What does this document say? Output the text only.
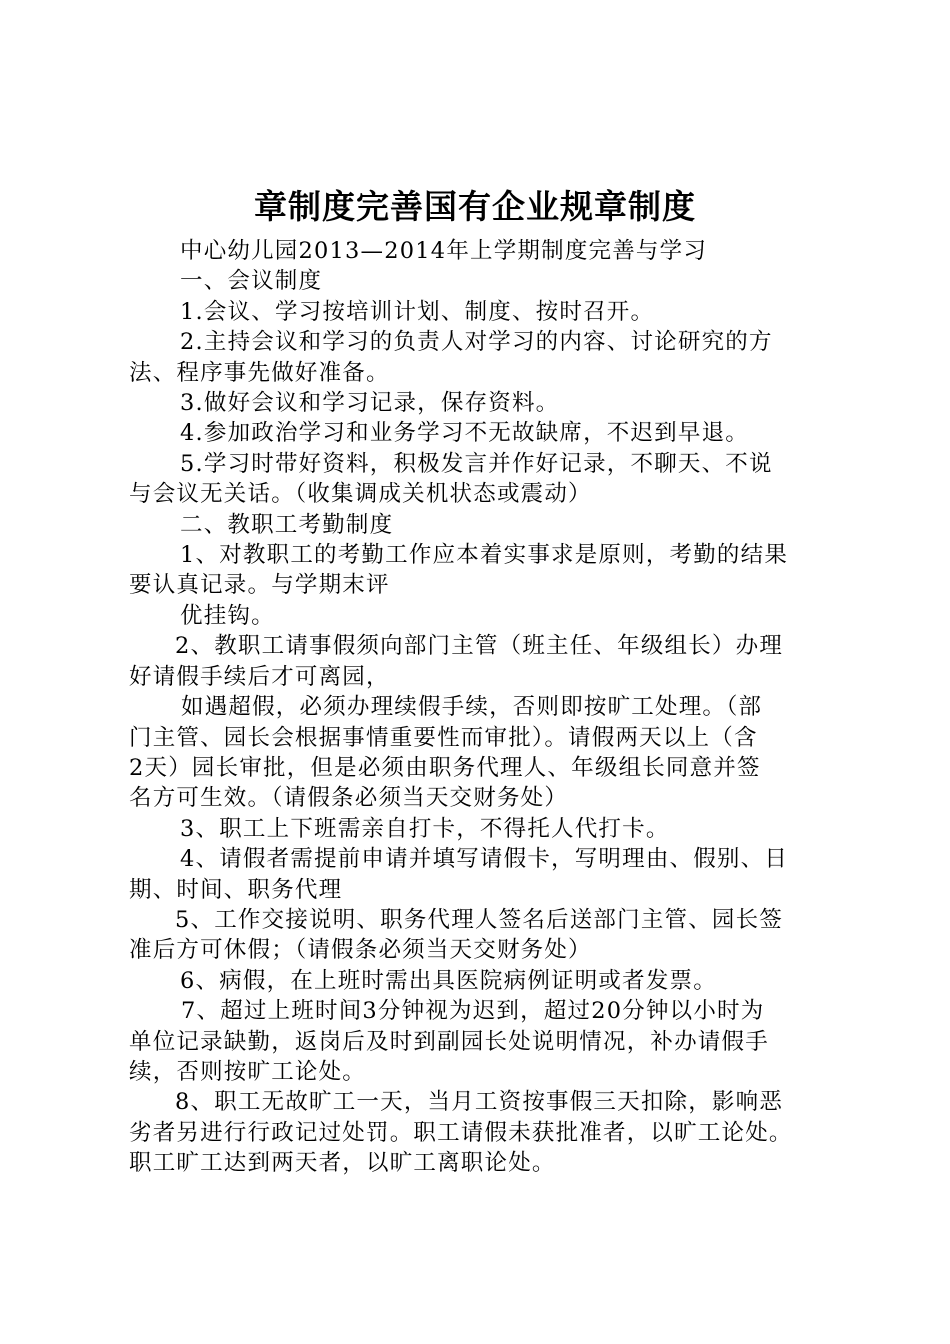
章制度完善国有企业规章制度

中心幼儿园2013—2014年上学期制度完善与学习

一、会议制度

1.会议、学习按培训计划、制度、按时召开。

2.主持会议和学习的负责人对学习的内容、讨论研究的方

法、程序事先做好准备。

3.做好会议和学习记录，保存资料。

4.参加政治学习和业务学习不无故缺席，不迟到早退。

5.学习时带好资料，积极发言并作好记录，不聊天、不说

与会议无关话。（收集调成关机状态或震动）

二、教职工考勤制度

1、对教职工的考勤工作应本着实事求是原则，考勤的结果

要认真记录。与学期末评

优挂钩。

2、教职工请事假须向部门主管（班主任、年级组长）办理

好请假手续后才可离园，

如遇超假，必须办理续假手续，否则即按旷工处理。（部

门主管、园长会根据事情重要性而审批）。请假两天以上（含

2天）园长审批，但是必须由职务代理人、年级组长同意并签

名方可生效。（请假条必须当天交财务处）

3、职工上下班需亲自打卡，不得托人代打卡。

4、请假者需提前申请并填写请假卡，写明理由、假别、日

期、时间、职务代理

5、工作交接说明、职务代理人签名后送部门主管、园长签

准后方可休假；（请假条必须当天交财务处）

6、病假，在上班时需出具医院病例证明或者发票。

7、超过上班时间3分钟视为迟到，超过20分钟以小时为

单位记录缺勤，返岗后及时到副园长处说明情况，补办请假手

续，否则按旷工论处。

8、职工无故旷工一天，当月工资按事假三天扣除，影响恶

劣者另进行行政记过处罚。职工请假未获批准者，以旷工论处。

职工旷工达到两天者，以旷工离职论处。
